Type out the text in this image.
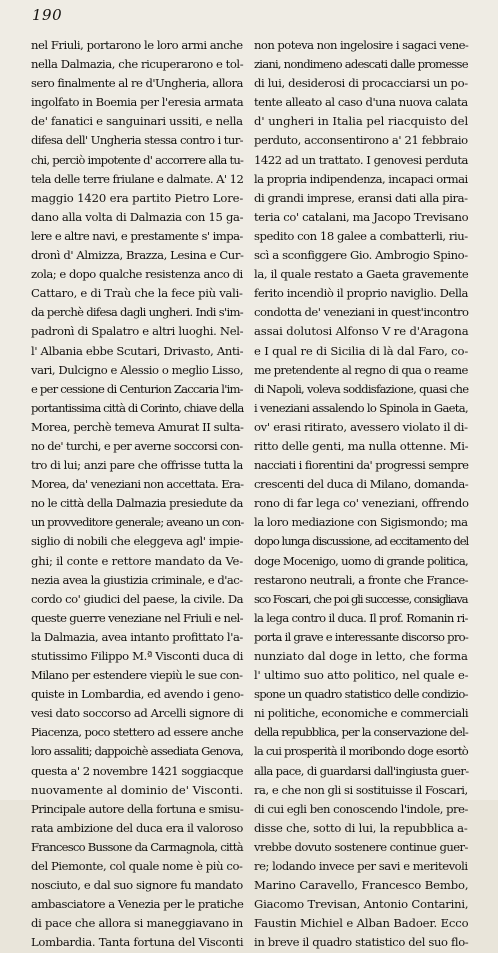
190
nel Friuli, portarono le loro armi anche
nella Dalmazia, che ricuperarono e tol-
sero finalmente al re d'Ungheria, allora
ingolfato in Boemia per l'eresia armata
de' fanatici e sanguinari ussiti, e nella
difesa dell' Ungheria stessa contro i tur-
chi, perciò impotente d' accorrere alla tu-
tela delle terre friulane e dalmate. A' 12
maggio 1420 era partito Pietro Lore-
dano alla volta di Dalmazia con 15 ga-
lere e altre navi, e prestamente s' impa-
dronì d' Almizza, Brazza, Lesina e Cur-
zola; e dopo qualche resistenza anco di
Cattaro, e di Traù che la fece più vali-
da perchè difesa dagli ungheri. Indi s'im-
padronì di Spalatro e altri luoghi. Nel-
l' Albania ebbe Scutari, Drivasto, Anti-
vari, Dulcigno e Alessio o meglio Lisso,
e per cessione di Centurion Zaccaria l'im-
portantissima città di Corinto, chiave della
Morea, perchè temeva Amurat II sulta-
no de' turchi, e per averne soccorsi con-
tro di lui; anzi pare che offrisse tutta la
Morea, da' veneziani non accettata. Era-
no le città della Dalmazia presiedute da
un provveditore generale; aveano un con-
siglio di nobili che eleggeva agl' impie-
ghi; il conte e rettore mandato da Ve-
nezia avea la giustizia criminale, e d'ac-
cordo co' giudici del paese, la civile. Da
queste guerre veneziane nel Friuli e nel-
la Dalmazia, avea intanto profittato l'a-
stutissimo Filippo M.ª Visconti duca di
Milano per estendere viepiù le sue con-
quiste in Lombardia, ed avendo i geno-
vesi dato soccorso ad Arcelli signore di
Piacenza, poco stettero ad essere anche
loro assaliti; dappoichè assediata Genova,
questa a' 2 novembre 1421 soggiacque
nuovamente al dominio de' Visconti.
Principale autore della fortuna e smisu-
rata ambizione del duca era il valoroso
Francesco Bussone da Carmagnola, città
del Piemonte, col quale nome è più co-
nosciuto, e dal suo signore fu mandato
ambasciatore a Venezia per le pratiche
di pace che allora si maneggiavano in
Lombardia. Tanta fortuna del Visconti
non poteva non ingelosire i sagaci vene-
ziani, nondimeno adescati dalle promesse
di lui, desiderosi di procacciarsi un po-
tente alleato al caso d'una nuova calata
d' ungheri in Italia pel riacquisto del
perduto, acconsentirono a' 21 febbraio
1422 ad un trattato. I genovesi perduta
la propria indipendenza, incapaci ormai
di grandi imprese, eransi dati alla pira-
teria co' catalani, ma Jacopo Trevisano
spedito con 18 galee a combatterli, riu-
scì a sconfiggere Gio. Ambrogio Spino-
la, il quale restato a Gaeta gravemente
ferito incendiò il proprio naviglio. Della
condotta de' veneziani in quest'incontro
assai dolutosi Alfonso V re d'Aragona
e I qual re di Sicilia di là dal Faro, co-
me pretendente al regno di qua o reame
di Napoli, voleva soddisfazione, quasi che
i veneziani assalendo lo Spinola in Gaeta,
ov' erasi ritirato, avessero violato il di-
ritto delle genti, ma nulla ottenne. Mi-
nacciati i fiorentini da' progressi sempre
crescenti del duca di Milano, domanda-
rono di far lega co' veneziani, offrendo
la loro mediazione con Sigismondo; ma
dopo lunga discussione, ad eccitamento del
doge Mocenigo, uomo di grande politica,
restarono neutrali, a fronte che France-
sco Foscari, che poi gli successe, consigliava
la lega contro il duca. Il prof. Romanin ri-
porta il grave e interessante discorso pro-
nunziato dal doge in letto, che forma
l' ultimo suo atto politico, nel quale e-
spone un quadro statistico delle condizio-
ni politiche, economiche e commerciali
della repubblica, per la conservazione del-
la cui prosperità il moribondo doge esortò
alla pace, di guardarsi dall'ingiusta guer-
ra, e che non gli si sostituisse il Foscari,
di cui egli ben conoscendo l'indole, pre-
disse che, sotto di lui, la repubblica a-
vrebbe dovuto sostenere continue guer-
re; lodando invece per savi e meritevoli
Marino Caravello, Francesco Bembo,
Giacomo Trevisan, Antonio Contarini,
Faustin Michiel e Alban Badoer. Ecco
in breve il quadro statistico del suo flo-
